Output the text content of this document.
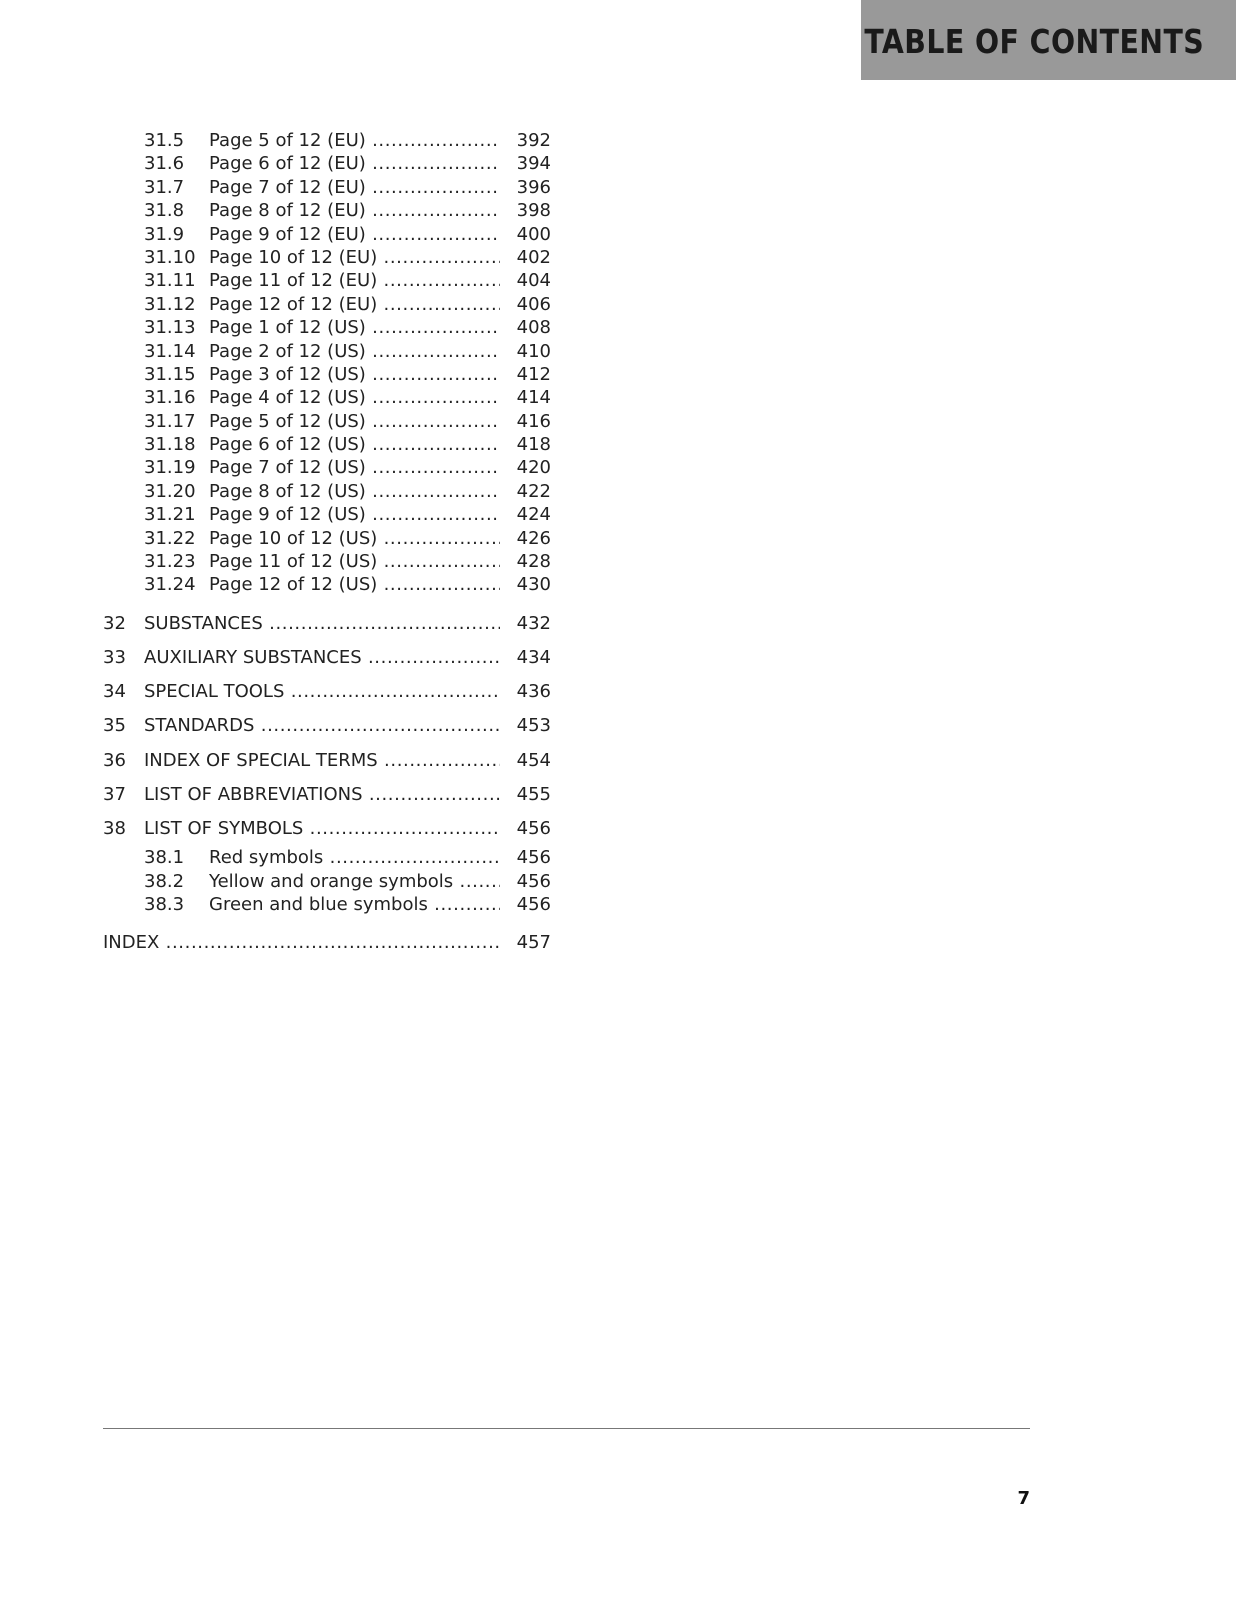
TABLE OF CONTENTS
31.5 Page 5 of 12 (EU) .....	392
31.6 Page 6 of 12 (EU) .....	394
31.7 Page 7 of 12 (EU) .....	396
31.8 Page 8 of 12 (EU) .....	398
31.9 Page 9 of 12 (EU) .....	400
31.10 Page 10 of 12 (EU) .....	402
31.11 Page 11 of 12 (EU) .....	404
31.12 Page 12 of 12 (EU) .....	406
31.13 Page 1 of 12 (US) .....	408
31.14 Page 2 of 12 (US) .....	410
31.15 Page 3 of 12 (US) .....	412
31.16 Page 4 of 12 (US) .....	414
31.17 Page 5 of 12 (US) .....	416
31.18 Page 6 of 12 (US) .....	418
31.19 Page 7 of 12 (US) .....	420
31.20 Page 8 of 12 (US) .....	422
31.21 Page 9 of 12 (US) .....	424
31.22 Page 10 of 12 (US) .....	426
31.23 Page 11 of 12 (US) .....	428
31.24 Page 12 of 12 (US) .....	430
32 SUBSTANCES .....	432
33 AUXILIARY SUBSTANCES .....	434
34 SPECIAL TOOLS .....	436
35 STANDARDS .....	453
36 INDEX OF SPECIAL TERMS .....	454
37 LIST OF ABBREVIATIONS .....	455
38 LIST OF SYMBOLS .....	456
38.1 Red symbols .....	456
38.2 Yellow and orange symbols .....	456
38.3 Green and blue symbols .....	456
INDEX .....	457
7
